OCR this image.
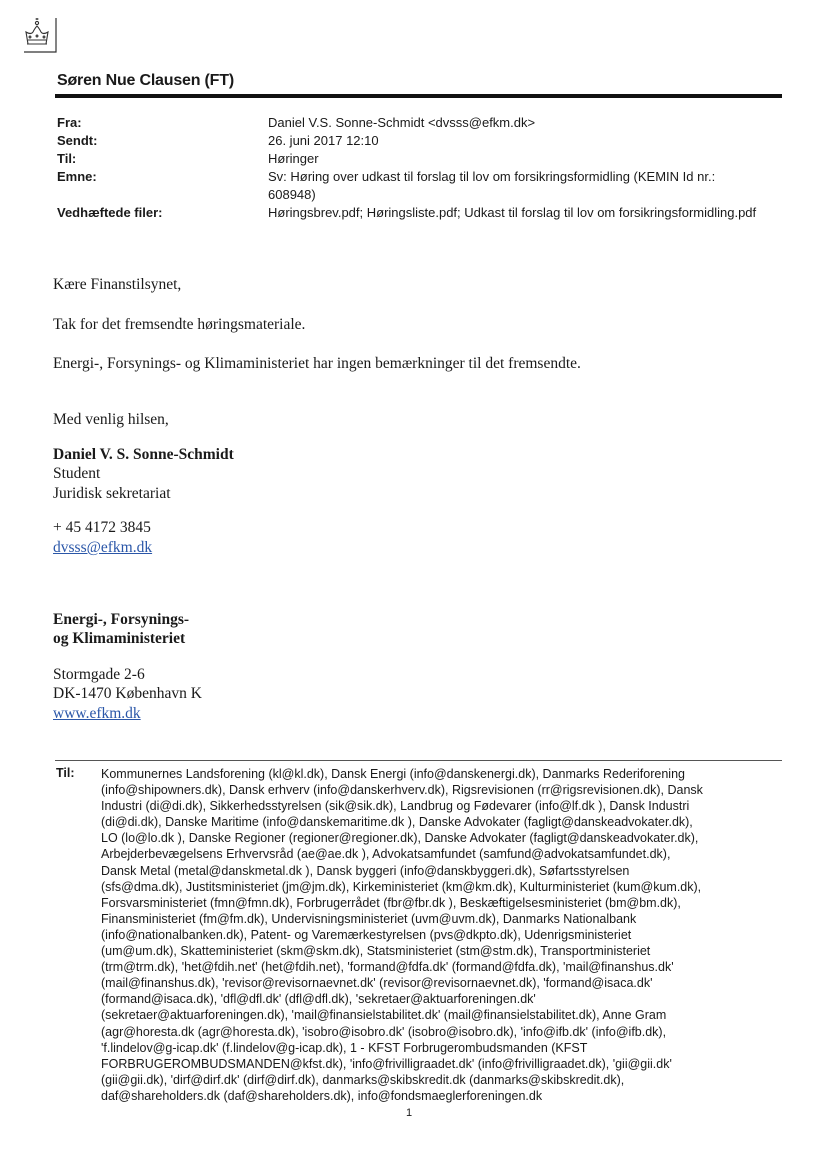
Søren Nue Clausen (FT)
Fra:	Daniel V.S. Sonne-Schmidt <dvsss@efkm.dk>
Sendt:	26. juni 2017 12:10
Til:	Høringer
Emne:	Sv: Høring over udkast til forslag til lov om forsikringsformidling (KEMIN Id nr.: 608948)
Vedhæftede filer:	Høringsbrev.pdf; Høringsliste.pdf; Udkast til forslag til lov om forsikringsformidling.pdf
Kære Finanstilsynet,
Tak for det fremsendte høringsmateriale.
Energi-, Forsynings- og Klimaministeriet har ingen bemærkninger til det fremsendte.
Med venlig hilsen,
Daniel V. S. Sonne-Schmidt
Student
Juridisk sekretariat
+ 45 4172 3845
dvsss@efkm.dk
Energi-, Forsynings-
og Klimaministeriet
Stormgade 2-6
DK-1470 København K
www.efkm.dk
Til: Kommunernes Landsforening (kl@kl.dk), Dansk Energi (info@danskenergi.dk), Danmarks Rederiforening
(info@shipowners.dk), Dansk erhverv (info@danskerhverv.dk), Rigsrevisionen (rr@rigsrevisionen.dk), Dansk
Industri (di@di.dk), Sikkerhedsstyrelsen (sik@sik.dk), Landbrug og Fødevarer (info@lf.dk ), Dansk Industri
(di@di.dk), Danske Maritime (info@danskemaritime.dk ), Danske Advokater (fagligt@danskeadvokater.dk),
LO (lo@lo.dk ), Danske Regioner (regioner@regioner.dk), Danske Advokater (fagligt@danskeadvokater.dk),
Arbejderbevægelsens Erhvervsråd (ae@ae.dk ), Advokatsamfundet (samfund@advokatsamfundet.dk),
Dansk Metal (metal@danskmetal.dk ), Dansk byggeri (info@danskbyggeri.dk), Søfartsstyrelsen
(sfs@dma.dk), Justitsministeriet (jm@jm.dk), Kirkeministeriet (km@km.dk), Kulturministeriet (kum@kum.dk),
Forsvarsministeriet (fmn@fmn.dk), Forbrugerrådet (fbr@fbr.dk ), Beskæftigelsesministeriet (bm@bm.dk),
Finansministeriet (fm@fm.dk), Undervisningsministeriet (uvm@uvm.dk), Danmarks Nationalbank
(info@nationalbanken.dk), Patent- og Varemærkestyrelsen (pvs@dkpto.dk), Udenrigsministeriet
(um@um.dk), Skatteministeriet (skm@skm.dk), Statsministeriet (stm@stm.dk), Transportministeriet
(trm@trm.dk), 'het@fdih.net' (het@fdih.net), 'formand@fdfa.dk' (formand@fdfa.dk), 'mail@finanshus.dk'
(mail@finanshus.dk), 'revisor@revisornaevnet.dk' (revisor@revisornaevnet.dk), 'formand@isaca.dk'
(formand@isaca.dk), 'dfl@dfl.dk' (dfl@dfl.dk), 'sekretaer@aktuarforeningen.dk'
(sekretaer@aktuarforeningen.dk), 'mail@finansielstabilitet.dk' (mail@finansielstabilitet.dk), Anne Gram
(agr@horesta.dk (agr@horesta.dk), 'isobro@isobro.dk' (isobro@isobro.dk), 'info@ifb.dk' (info@ifb.dk),
'f.lindelov@g-icap.dk' (f.lindelov@g-icap.dk), 1 - KFST Forbrugerombudsmanden (KFST
FORBRUGEROMBUDSMANDEN@kfst.dk), 'info@frivilligraadet.dk' (info@frivilligraadet.dk), 'gii@gii.dk'
(gii@gii.dk), 'dirf@dirf.dk' (dirf@dirf.dk), danmarks@skibskredit.dk (danmarks@skibskredit.dk),
daf@shareholders.dk (daf@shareholders.dk), info@fondsmaeglerforeningen.dk
1
